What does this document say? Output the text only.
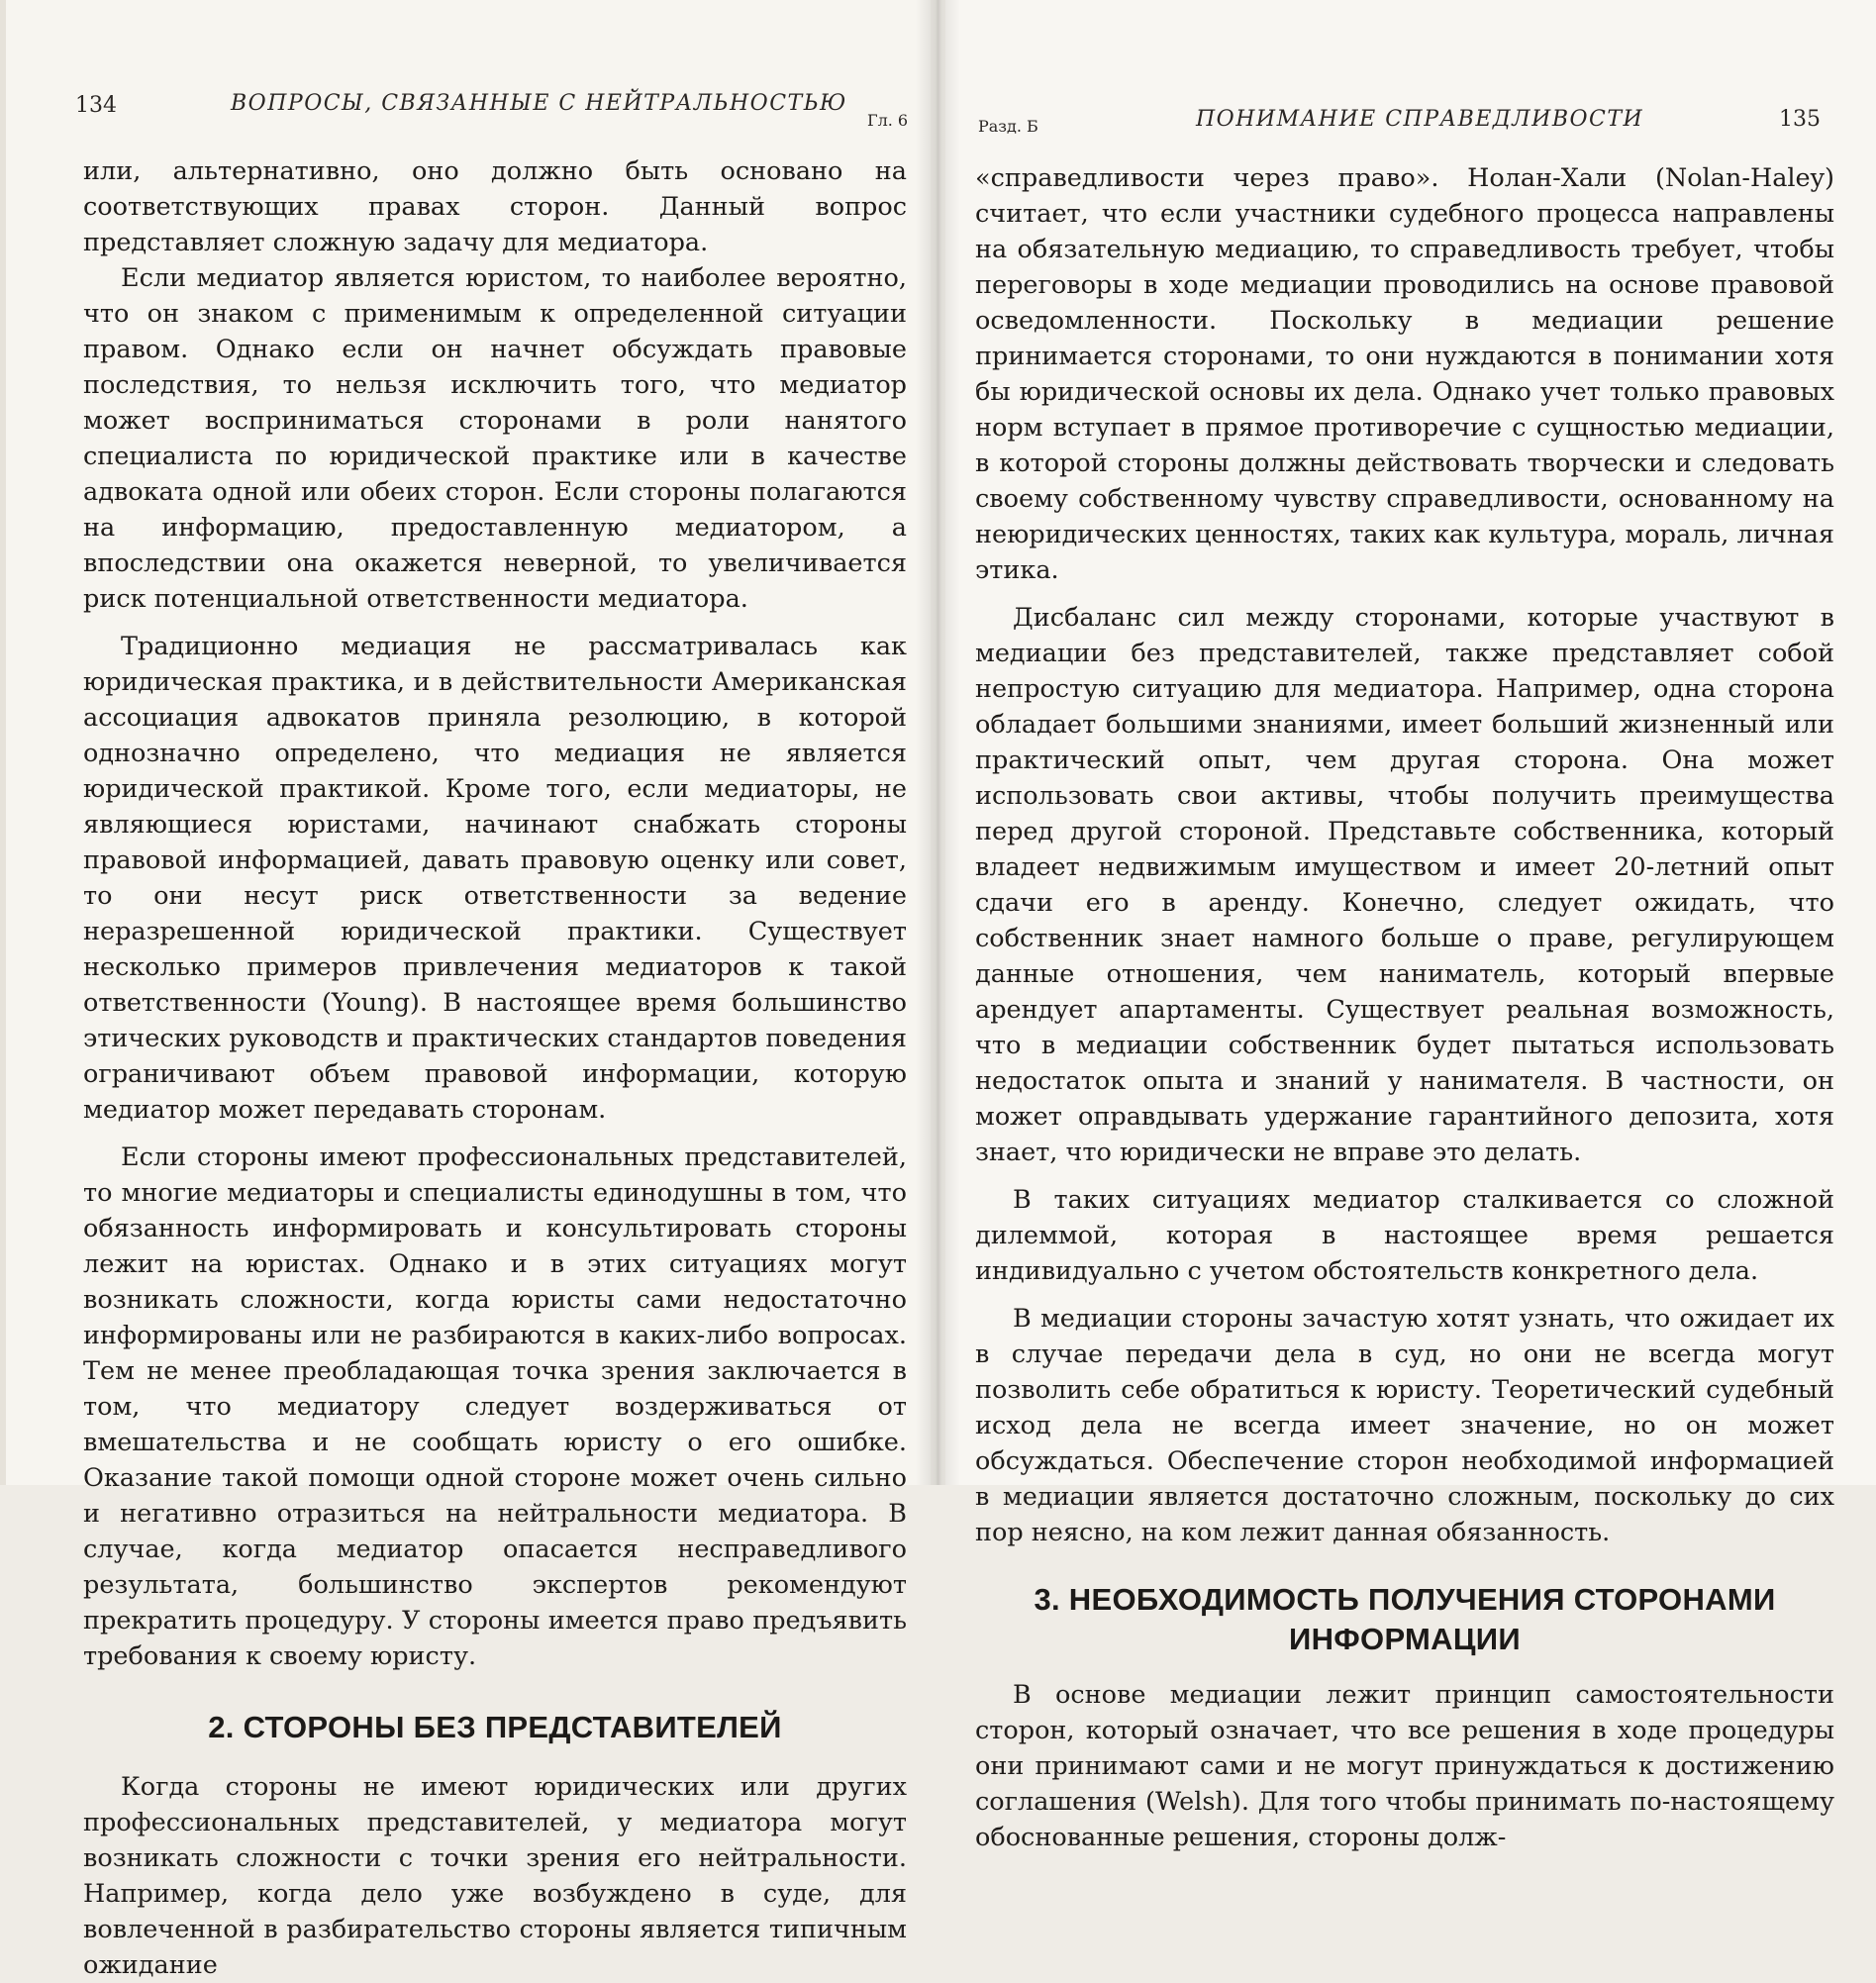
134	ВОПРОСЫ, СВЯЗАННЫЕ С НЕЙТРАЛЬНОСТЬЮ
Гл. 6

или, альтернативно, оно должно быть основано на соответствующих правах сторон. Данный вопрос представляет сложную задачу для медиатора.

Если медиатор является юристом, то наиболее вероятно, что он знаком с применимым к определенной ситуации правом. Однако если он начнет обсуждать правовые последствия, то нельзя исключить того, что медиатор может восприниматься сторонами в роли нанятого специалиста по юридической практике или в качестве адвоката одной или обеих сторон. Если стороны полагаются на информацию, предоставленную медиатором, а впоследствии она окажется неверной, то увеличивается риск потенциальной ответственности медиатора.

Традиционно медиация не рассматривалась как юридическая практика, и в действительности Американская ассоциация адвокатов приняла резолюцию, в которой однозначно определено, что медиация не является юридической практикой. Кроме того, если медиаторы, не являющиеся юристами, начинают снабжать стороны правовой информацией, давать правовую оценку или совет, то они несут риск ответственности за ведение неразрешенной юридической практики. Существует несколько примеров привлечения медиаторов к такой ответственности (Young). В настоящее время большинство этических руководств и практических стандартов поведения ограничивают объем правовой информации, которую медиатор может передавать сторонам.

Если стороны имеют профессиональных представителей, то многие медиаторы и специалисты единодушны в том, что обязанность информировать и консультировать стороны лежит на юристах. Однако и в этих ситуациях могут возникать сложности, когда юристы сами недостаточно информированы или не разбираются в каких-либо вопросах. Тем не менее преобладающая точка зрения заключается в том, что медиатору следует воздерживаться от вмешательства и не сообщать юристу о его ошибке. Оказание такой помощи одной стороне может очень сильно и негативно отразиться на нейтральности медиатора. В случае, когда медиатор опасается несправедливого результата, большинство экспертов рекомендуют прекратить процедуру. У стороны имеется право предъявить требования к своему юристу.

2. СТОРОНЫ БЕЗ ПРЕДСТАВИТЕЛЕЙ

Когда стороны не имеют юридических или других профессиональных представителей, у медиатора могут возникать сложности с точки зрения его нейтральности. Например, когда дело уже возбуждено в суде, для вовлеченной в разбирательство стороны является типичным ожидание

Разд. Б	ПОНИМАНИЕ СПРАВЕДЛИВОСТИ	135

«справедливости через право». Нолан-Хали (Nolan-Haley) считает, что если участники судебного процесса направлены на обязательную медиацию, то справедливость требует, чтобы переговоры в ходе медиации проводились на основе правовой осведомленности. Поскольку в медиации решение принимается сторонами, то они нуждаются в понимании хотя бы юридической основы их дела. Однако учет только правовых норм вступает в прямое противоречие с сущностью медиации, в которой стороны должны действовать творчески и следовать своему собственному чувству справедливости, основанному на неюридических ценностях, таких как культура, мораль, личная этика.

Дисбаланс сил между сторонами, которые участвуют в медиации без представителей, также представляет собой непростую ситуацию для медиатора. Например, одна сторона обладает большими знаниями, имеет больший жизненный или практический опыт, чем другая сторона. Она может использовать свои активы, чтобы получить преимущества перед другой стороной. Представьте собственника, который владеет недвижимым имуществом и имеет 20-летний опыт сдачи его в аренду. Конечно, следует ожидать, что собственник знает намного больше о праве, регулирующем данные отношения, чем наниматель, который впервые арендует апартаменты. Существует реальная возможность, что в медиации собственник будет пытаться использовать недостаток опыта и знаний у нанимателя. В частности, он может оправдывать удержание гарантийного депозита, хотя знает, что юридически не вправе это делать.

В таких ситуациях медиатор сталкивается со сложной дилеммой, которая в настоящее время решается индивидуально с учетом обстоятельств конкретного дела.

В медиации стороны зачастую хотят узнать, что ожидает их в случае передачи дела в суд, но они не всегда могут позволить себе обратиться к юристу. Теоретический судебный исход дела не всегда имеет значение, но он может обсуждаться. Обеспечение сторон необходимой информацией в медиации является достаточно сложным, поскольку до сих пор неясно, на ком лежит данная обязанность.

3. НЕОБХОДИМОСТЬ ПОЛУЧЕНИЯ СТОРОНАМИ ИНФОРМАЦИИ

В основе медиации лежит принцип самостоятельности сторон, который означает, что все решения в ходе процедуры они принимают сами и не могут принуждаться к достижению соглашения (Welsh). Для того чтобы принимать по-настоящему обоснованные решения, стороны долж-
